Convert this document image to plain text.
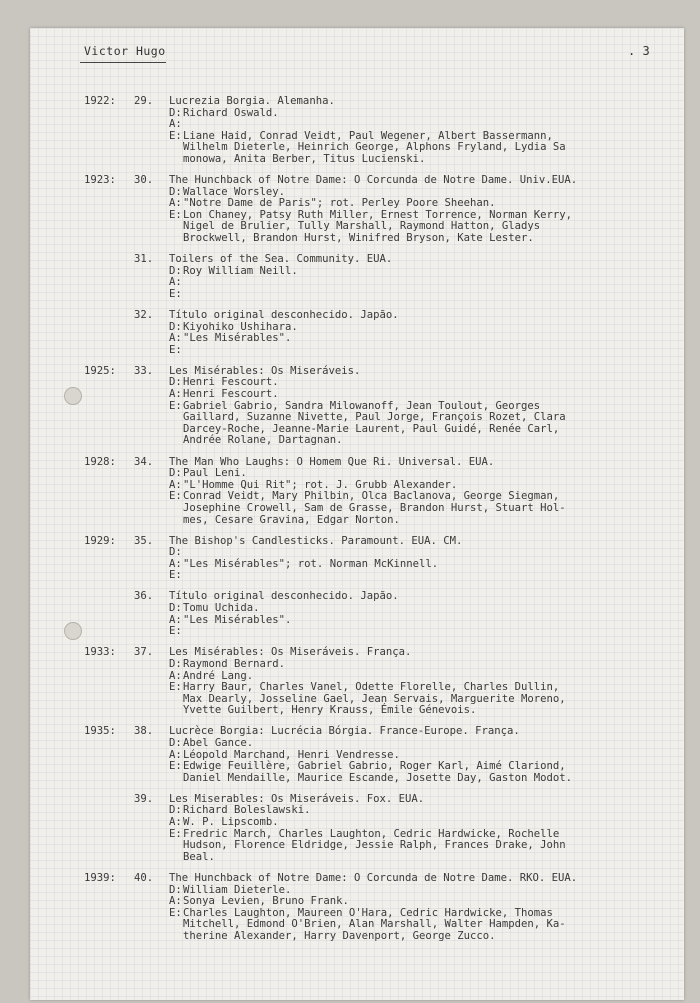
Victor Hugo	. 3
1922: 29. Lucrezia Borgia. Alemanha.
D: Richard Oswald.
A:
E: Liane Haid, Conrad Veidt, Paul Wegener, Albert Bassermann,
Wilhelm Dieterle, Heinrich George, Alphons Fryland, Lydia Sa
monowa, Anita Berber, Titus Lucienski.
1923: 30. The Hunchback of Notre Dame: O Corcunda de Notre Dame. Univ.EUA.
D: Wallace Worsley.
A: "Notre Dame de Paris"; rot. Perley Poore Sheehan.
E: Lon Chaney, Patsy Ruth Miller, Ernest Torrence, Norman Kerry,
Nigel de Brulier, Tully Marshall, Raymond Hatton, Gladys
Brockwell, Brandon Hurst, Winifred Bryson, Kate Lester.
31. Toilers of the Sea. Community. EUA.
D: Roy William Neill.
A:
E:
32. Título original desconhecido. Japão.
D: Kiyohiko Ushihara.
A: "Les Misérables".
E:
1925: 33. Les Misérables: Os Miseráveis.
D: Henri Fescourt.
A: Henri Fescourt.
E: Gabriel Gabrio, Sandra Milowanoff, Jean Toulout, Georges
Gaillard, Suzanne Nivette, Paul Jorge, François Rozet, Clara
Darcey-Roche, Jeanne-Marie Laurent, Paul Guidé, Renée Carl,
Andrée Rolane, Dartagnan.
1928: 34. The Man Who Laughs: O Homem Que Ri. Universal. EUA.
D: Paul Leni.
A: "L'Homme Qui Rit"; rot. J. Grubb Alexander.
E: Conrad Veidt, Mary Philbin, Olca Baclanova, George Siegman,
Josephine Crowell, Sam de Grasse, Brandon Hurst, Stuart Hol-
mes, Cesare Gravina, Edgar Norton.
1929: 35. The Bishop's Candlesticks. Paramount. EUA. CM.
D:
A: "Les Misérables"; rot. Norman McKinnell.
E:
36. Título original desconhecido. Japão.
D: Tomu Uchida.
A: "Les Misérables".
E:
1933: 37. Les Misérables: Os Miseráveis. França.
D: Raymond Bernard.
A: André Lang.
E: Harry Baur, Charles Vanel, Odette Florelle, Charles Dullin,
Max Dearly, Josseline Gael, Jean Servais, Marguerite Moreno,
Yvette Guilbert, Henry Krauss, Émile Génevois.
1935: 38. Lucrèce Borgia: Lucrécia Bórgia. France-Europe. França.
D: Abel Gance.
A: Léopold Marchand, Henri Vendresse.
E: Edwige Feuillère, Gabriel Gabrio, Roger Karl, Aimé Clariond,
Daniel Mendaille, Maurice Escande, Josette Day, Gaston Modot.
39. Les Miserables: Os Miseráveis. Fox. EUA.
D: Richard Boleslawski.
A: W. P. Lipscomb.
E: Fredric March, Charles Laughton, Cedric Hardwicke, Rochelle
Hudson, Florence Eldridge, Jessie Ralph, Frances Drake, John
Beal.
1939: 40. The Hunchback of Notre Dame: O Corcunda de Notre Dame. RKO. EUA.
D: William Dieterle.
A: Sonya Levien, Bruno Frank.
E: Charles Laughton, Maureen O'Hara, Cedric Hardwicke, Thomas
Mitchell, Edmond O'Brien, Alan Marshall, Walter Hampden, Ka-
therine Alexander, Harry Davenport, George Zucco.
